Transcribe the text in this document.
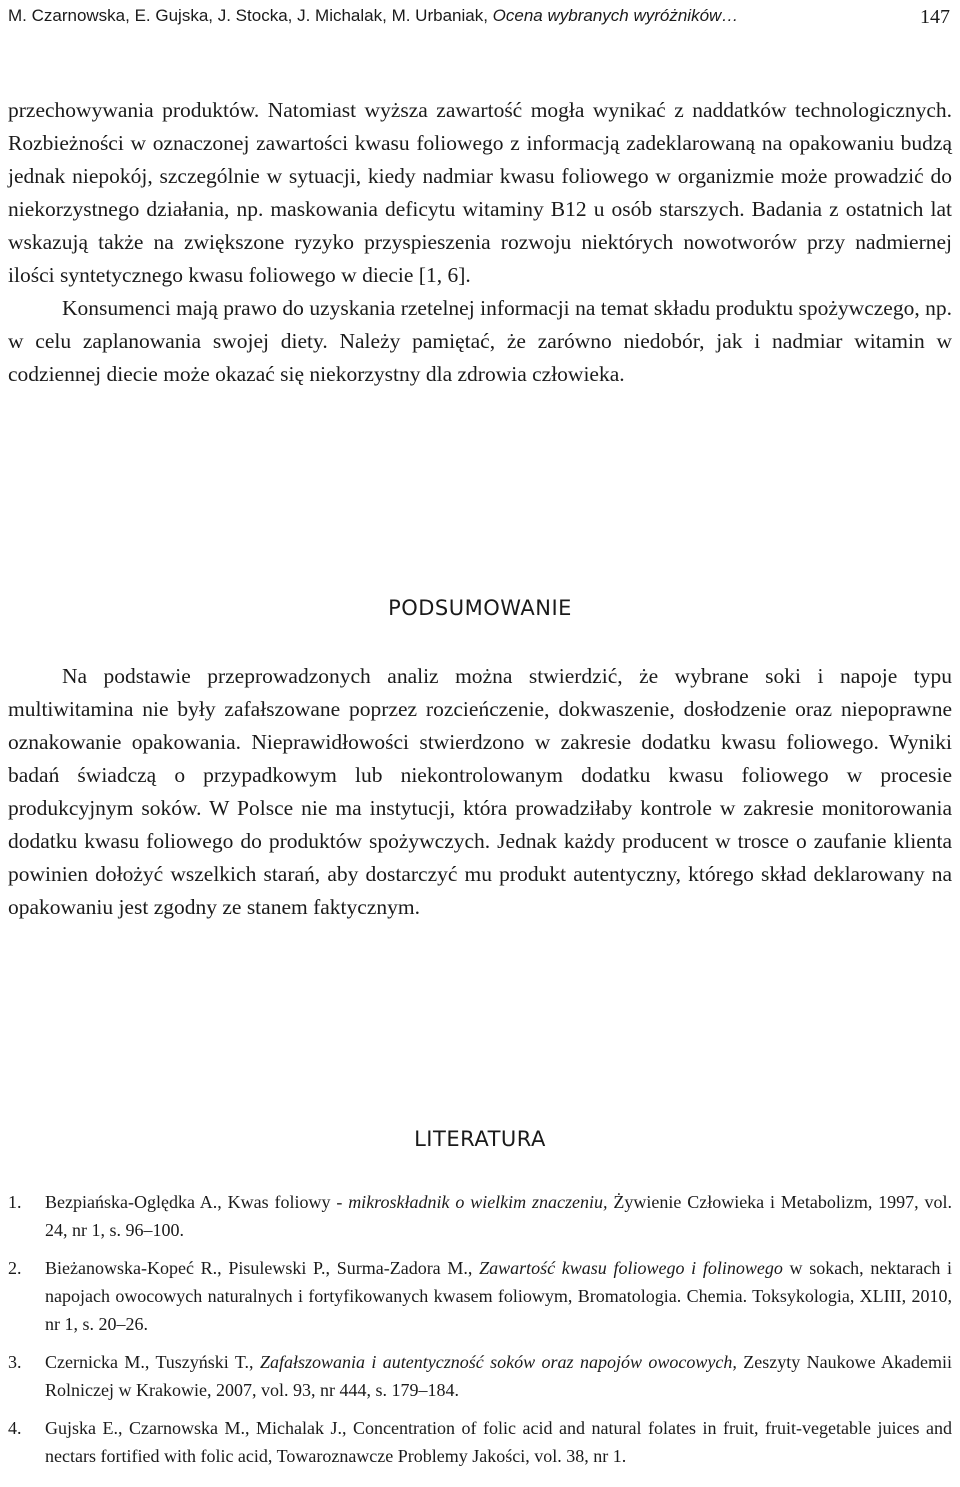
M. Czarnowska, E. Gujska, J. Stocka, J. Michalak, M. Urbaniak, Ocena wybranych wyróżników…	147

przechowywania produktów. Natomiast wyższa zawartość mogła wynikać z naddatków technologicznych. Rozbieżności w oznaczonej zawartości kwasu foliowego z informacją zadeklarowaną na opakowaniu budzą jednak niepokój, szczególnie w sytuacji, kiedy nadmiar kwasu foliowego w organizmie może prowadzić do niekorzystnego działania, np. maskowania deficytu witaminy B12 u osób starszych. Badania z ostatnich lat wskazują także na zwiększone ryzyko przyspieszenia rozwoju niektórych nowotworów przy nadmiernej ilości syntetycznego kwasu foliowego w diecie [1, 6].

Konsumenci mają prawo do uzyskania rzetelnej informacji na temat składu produktu spożywczego, np. w celu zaplanowania swojej diety. Należy pamiętać, że zarówno niedobór, jak i nadmiar witamin w codziennej diecie może okazać się niekorzystny dla zdrowia człowieka.

PODSUMOWANIE

Na podstawie przeprowadzonych analiz można stwierdzić, że wybrane soki i napoje typu multiwitamina nie były zafałszowane poprzez rozcieńczenie, dokwaszenie, dosłodzenie oraz niepoprawne oznakowanie opakowania. Nieprawidłowości stwierdzono w zakresie dodatku kwasu foliowego. Wyniki badań świadczą o przypadkowym lub niekontrolowanym dodatku kwasu foliowego w procesie produkcyjnym soków. W Polsce nie ma instytucji, która prowadziłaby kontrole w zakresie monitorowania dodatku kwasu foliowego do produktów spożywczych. Jednak każdy producent w trosce o zaufanie klienta powinien dołożyć wszelkich starań, aby dostarczyć mu produkt autentyczny, którego skład deklarowany na opakowaniu jest zgodny ze stanem faktycznym.

LITERATURA
1. Bezpiańska-Oględka A., Kwas foliowy - mikroskładnik o wielkim znaczeniu, Żywienie Człowieka i Metabolizm, 1997, vol. 24, nr 1, s. 96–100.
2. Bieżanowska-Kopeć R., Pisulewski P., Surma-Zadora M., Zawartość kwasu foliowego i folinowego w sokach, nektarach i napojach owocowych naturalnych i fortyfikowanych kwasem foliowym, Bromatologia. Chemia. Toksykologia, XLIII, 2010, nr 1, s. 20–26.
3. Czernicka M., Tuszyński T., Zafałszowania i autentyczność soków oraz napojów owocowych, Zeszyty Naukowe Akademii Rolniczej w Krakowie, 2007, vol. 93, nr 444, s. 179–184.
4. Gujska E., Czarnowska M., Michalak J., Concentration of folic acid and natural folates in fruit, fruit-vegetable juices and nectars fortified with folic acid, Towaroznawcze Problemy Jakości, vol. 38, nr 1.
